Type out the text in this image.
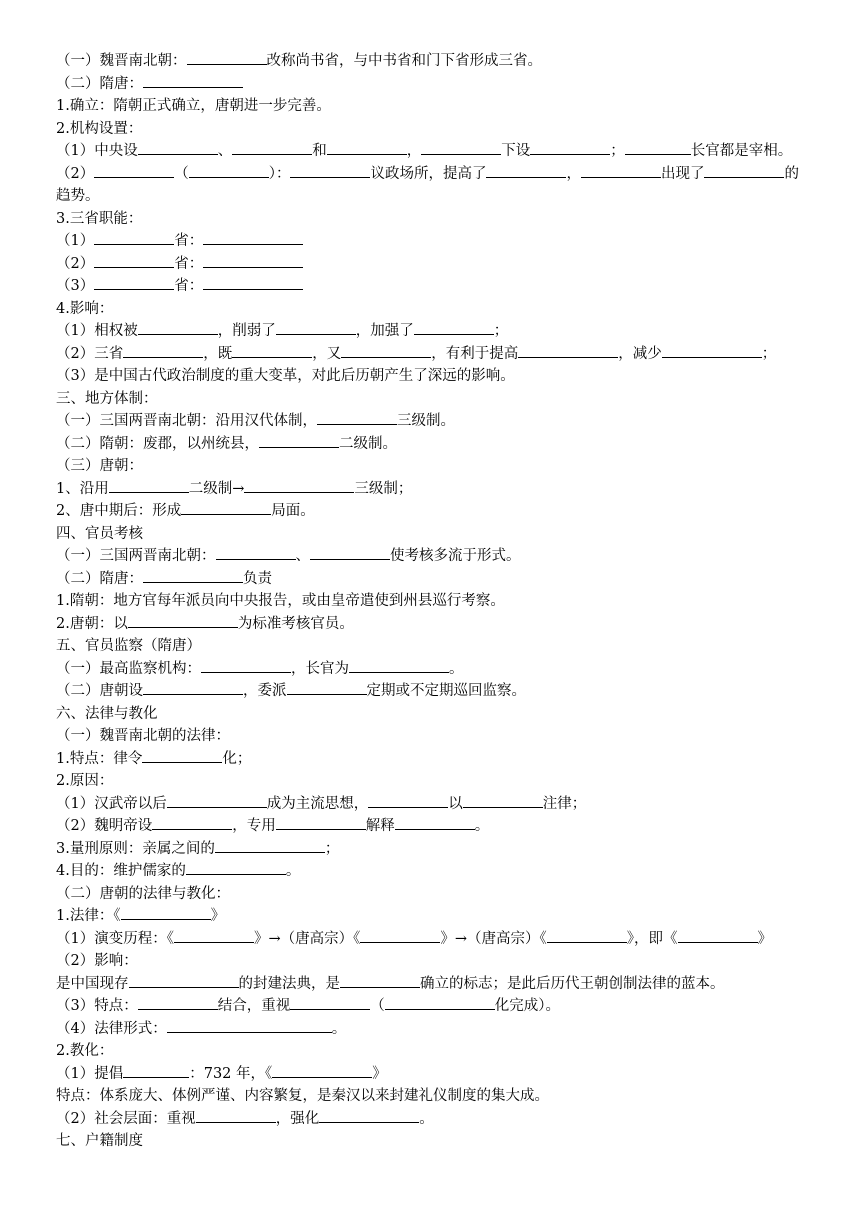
（一）魏晋南北朝：	改称尚书省，与中书省和门下省形成三省。
（二）隋唐：
1.确立：隋朝正式确立，唐朝进一步完善。
2.机构设置：
（1）中央设	、	和	，	下设	；	长官都是宰相。
（2）	（	）：	议政场所，提高了	，	出现了	的
趋势。
3.三省职能：
（1）	省：
（2）	省：
（3）	省：
4.影响：
（1）相权被	，削弱了	，加强了	；
（2）三省	，既	，又	，有利于提高	，减少	；
（3）是中国古代政治制度的重大变革，对此后历朝产生了深远的影响。
三、地方体制：
（一）三国两晋南北朝：沿用汉代体制，	三级制。
（二）隋朝：废郡，以州统县，	二级制。
（三）唐朝：
1、沿用	二级制→	三级制；
2、唐中期后：形成	局面。
四、官员考核
（一）三国两晋南北朝：	、	使考核多流于形式。
（二）隋唐：	负责
1.隋朝：地方官每年派员向中央报告，或由皇帝遣使到州县巡行考察。
2.唐朝：以	为标准考核官员。
五、官员监察（隋唐）
（一）最高监察机构：	，长官为	。
（二）唐朝设	，委派	定期或不定期巡回监察。
六、法律与教化
（一）魏晋南北朝的法律：
1.特点：律令	化；
2.原因：
（1）汉武帝以后	成为主流思想，	以	注律；
（2）魏明帝设	，专用	解释	。
3.量刑原则：亲属之间的	；
4.目的：维护儒家的	。
（二）唐朝的法律与教化：
1.法律：《	》
（1）演变历程：《	》→（唐高宗）《	》→（唐高宗）《	》，即《	》
（2）影响：
是中国现存	的封建法典，是	确立的标志；是此后历代王朝创制法律的蓝本。
（3）特点：	结合，重视	（	化完成）。
（4）法律形式：	。
2.教化：
（1）提倡	：732 年，《	》
特点：体系庞大、体例严谨、内容繁复，是秦汉以来封建礼仪制度的集大成。
（2）社会层面：重视	，强化	。
七、户籍制度
